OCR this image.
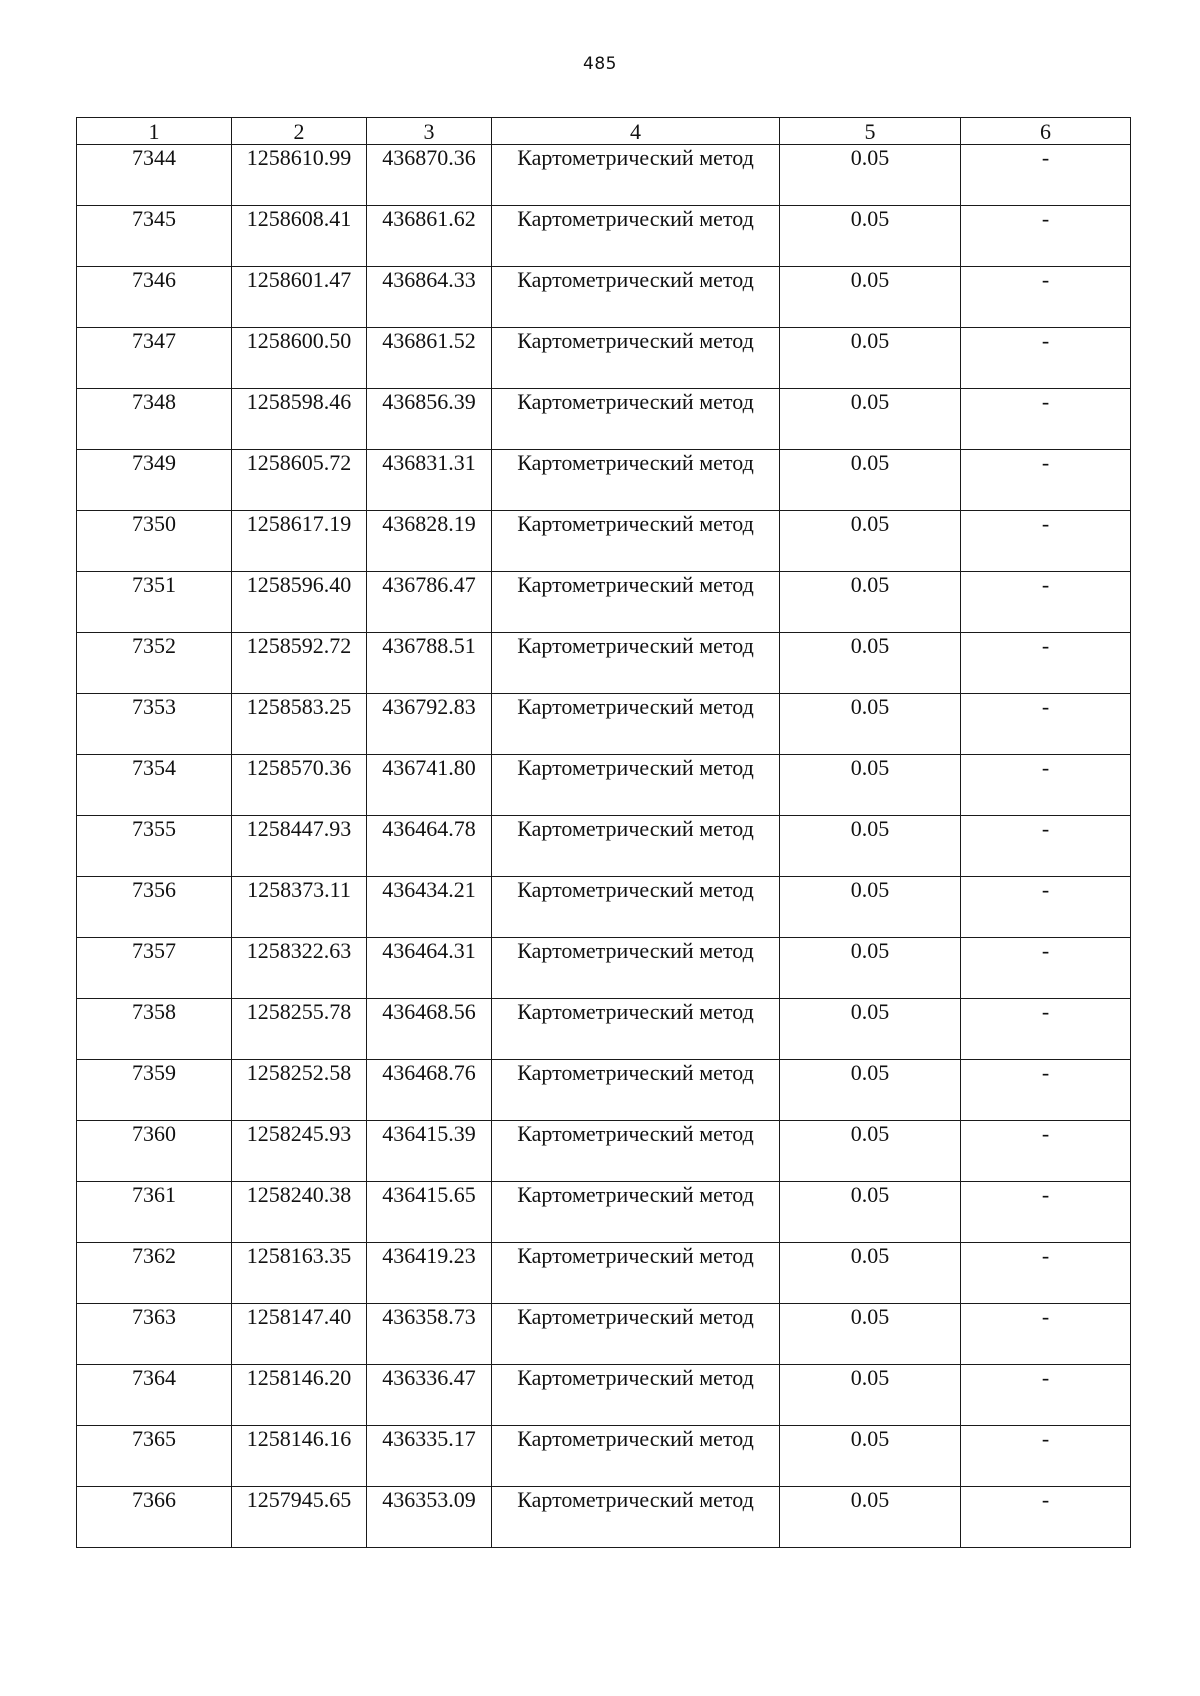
485
1	2	3	4	5	6
7344	1258610.99	436870.36	Картометрический метод	0.05	-
7345	1258608.41	436861.62	Картометрический метод	0.05	-
7346	1258601.47	436864.33	Картометрический метод	0.05	-
7347	1258600.50	436861.52	Картометрический метод	0.05	-
7348	1258598.46	436856.39	Картометрический метод	0.05	-
7349	1258605.72	436831.31	Картометрический метод	0.05	-
7350	1258617.19	436828.19	Картометрический метод	0.05	-
7351	1258596.40	436786.47	Картометрический метод	0.05	-
7352	1258592.72	436788.51	Картометрический метод	0.05	-
7353	1258583.25	436792.83	Картометрический метод	0.05	-
7354	1258570.36	436741.80	Картометрический метод	0.05	-
7355	1258447.93	436464.78	Картометрический метод	0.05	-
7356	1258373.11	436434.21	Картометрический метод	0.05	-
7357	1258322.63	436464.31	Картометрический метод	0.05	-
7358	1258255.78	436468.56	Картометрический метод	0.05	-
7359	1258252.58	436468.76	Картометрический метод	0.05	-
7360	1258245.93	436415.39	Картометрический метод	0.05	-
7361	1258240.38	436415.65	Картометрический метод	0.05	-
7362	1258163.35	436419.23	Картометрический метод	0.05	-
7363	1258147.40	436358.73	Картометрический метод	0.05	-
7364	1258146.20	436336.47	Картометрический метод	0.05	-
7365	1258146.16	436335.17	Картометрический метод	0.05	-
7366	1257945.65	436353.09	Картометрический метод	0.05	-
